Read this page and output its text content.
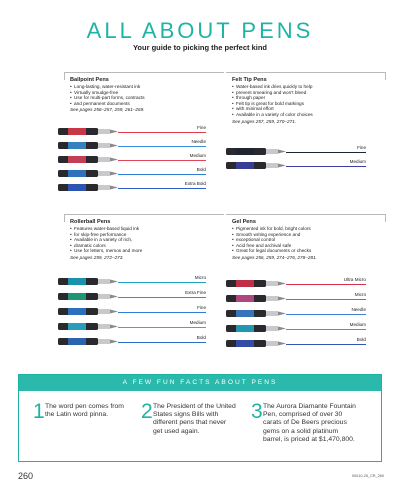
ALL ABOUT PENS
Your guide to picking the perfect kind
Ballpoint Pens
• Long-lasting, water-resistant ink
• Virtually smudge-free
• Use for multi-part forms, contracts
• and permanent documents
See pages 256–257, 259, 261–269.
Fine
Needle
Medium
Bold
Extra Bold
Felt Tip Pens
• Water-based ink dries quickly to help
• prevent smearing and won’t bleed
• through paper
• Felt tip is great for bold markings
• with minimal effort
• Available in a variety of color choices
See pages 257, 259, 270–271.
Fine
Medium
Rollerball Pens
• Features water-based liquid ink
• for skip-free performance
• Available in a variety of rich,
• dramatic colors
• Use for letters, memos and more
See pages 259, 272–273.
Micro
Extra Fine
Fine
Medium
Bold
Gel Pens
• Pigmented ink for bold, bright colors
• Smooth writing experience and
• exceptional control
• Acid free and archival safe
• Great for legal documents or checks
See pages 256, 259, 274–276, 278–281.
Ultra Micro
Micro
Needle
Medium
Bold
A FEW FUN FACTS ABOUT PENS
1 The word pen comes from
the Latin word pinna.	2 The President of the United
States signs Bills with
different pens that never
get used again.
3 The Aurora Diamante Fountain
Pen, comprised of over 30
carats of De Beers precious
gems on a solid platinum
barrel, is priced at $1,470,800.
260	00010-25_CR_260
